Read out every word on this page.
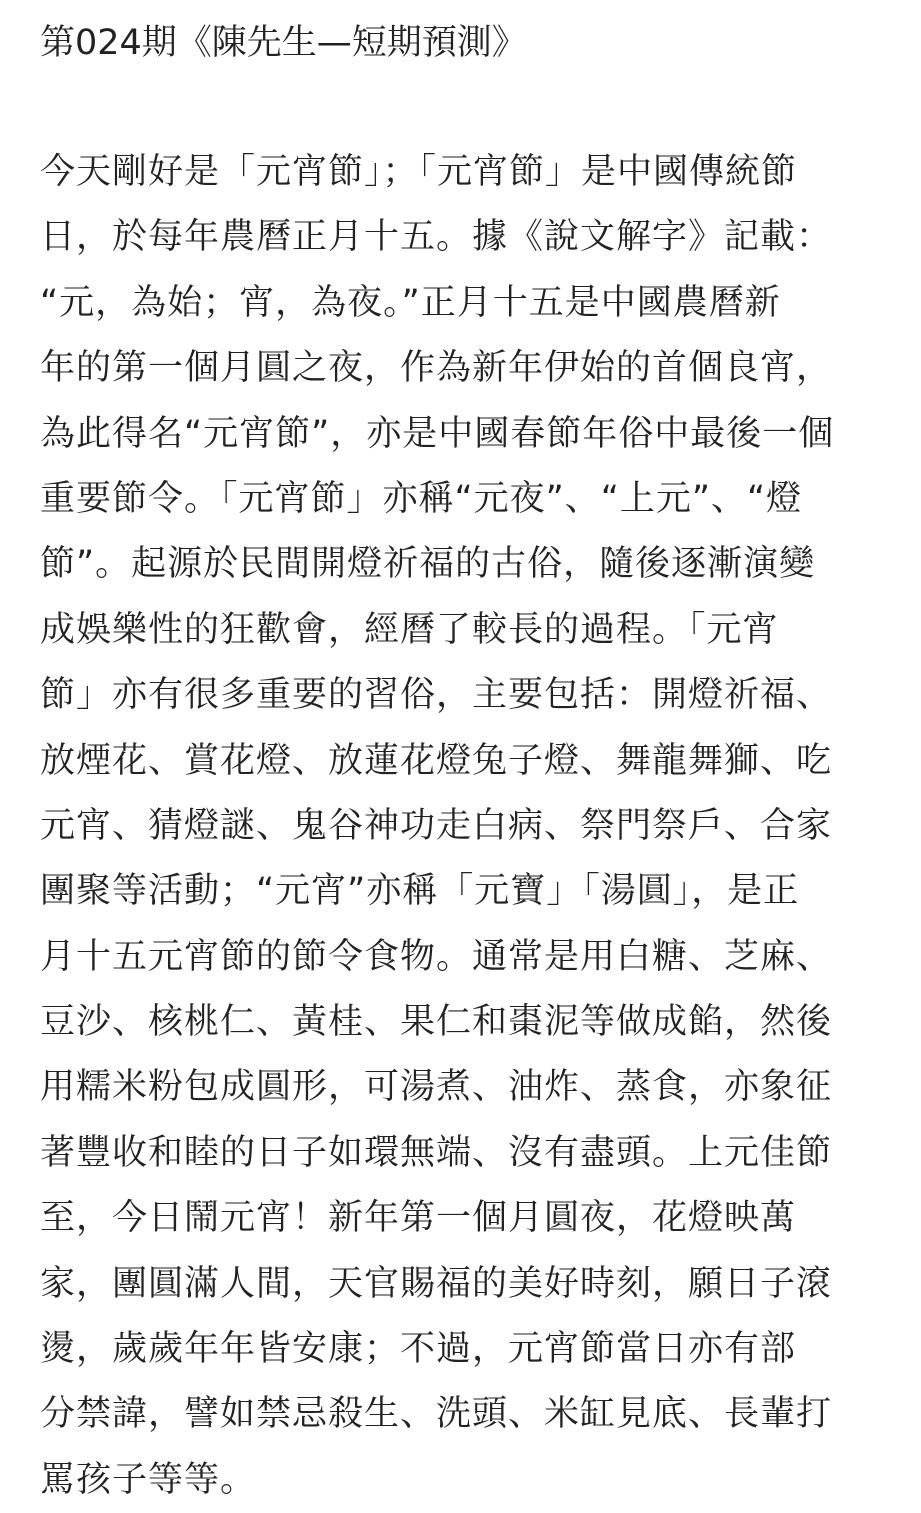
第024期《陳先生—短期預測》
今天剛好是「元宵節」；「元宵節」是中國傳統節
日，於每年農曆正月十五。據《說文解字》記載：
“元，為始；宵，為夜。”正月十五是中國農曆新
年的第一個月圓之夜，作為新年伊始的首個良宵，
為此得名“元宵節”，亦是中國春節年俗中最後一個
重要節令。「元宵節」亦稱“元夜”、“上元”、“燈
節”。起源於民間開燈祈福的古俗，隨後逐漸演變
成娛樂性的狂歡會，經曆了較長的過程。「元宵
節」亦有很多重要的習俗，主要包括：開燈祈福、
放煙花、賞花燈、放蓮花燈兔子燈、舞龍舞獅、吃
元宵、猜燈謎、鬼谷神功走白病、祭門祭戶、合家
團聚等活動；“元宵”亦稱「元寶」「湯圓」，是正
月十五元宵節的節令食物。通常是用白糖、芝麻、
豆沙、核桃仁、黃桂、果仁和棗泥等做成餡，然後
用糯米粉包成圓形，可湯煮、油炸、蒸食，亦象征
著豐收和睦的日子如環無端、沒有盡頭。上元佳節
至，今日鬧元宵！新年第一個月圓夜，花燈映萬
家，團圓滿人間，天官賜福的美好時刻，願日子滾
燙，歲歲年年皆安康；不過，元宵節當日亦有部
分禁諱，譬如禁忌殺生、洗頭、米缸見底、長輩打
罵孩子等等。
